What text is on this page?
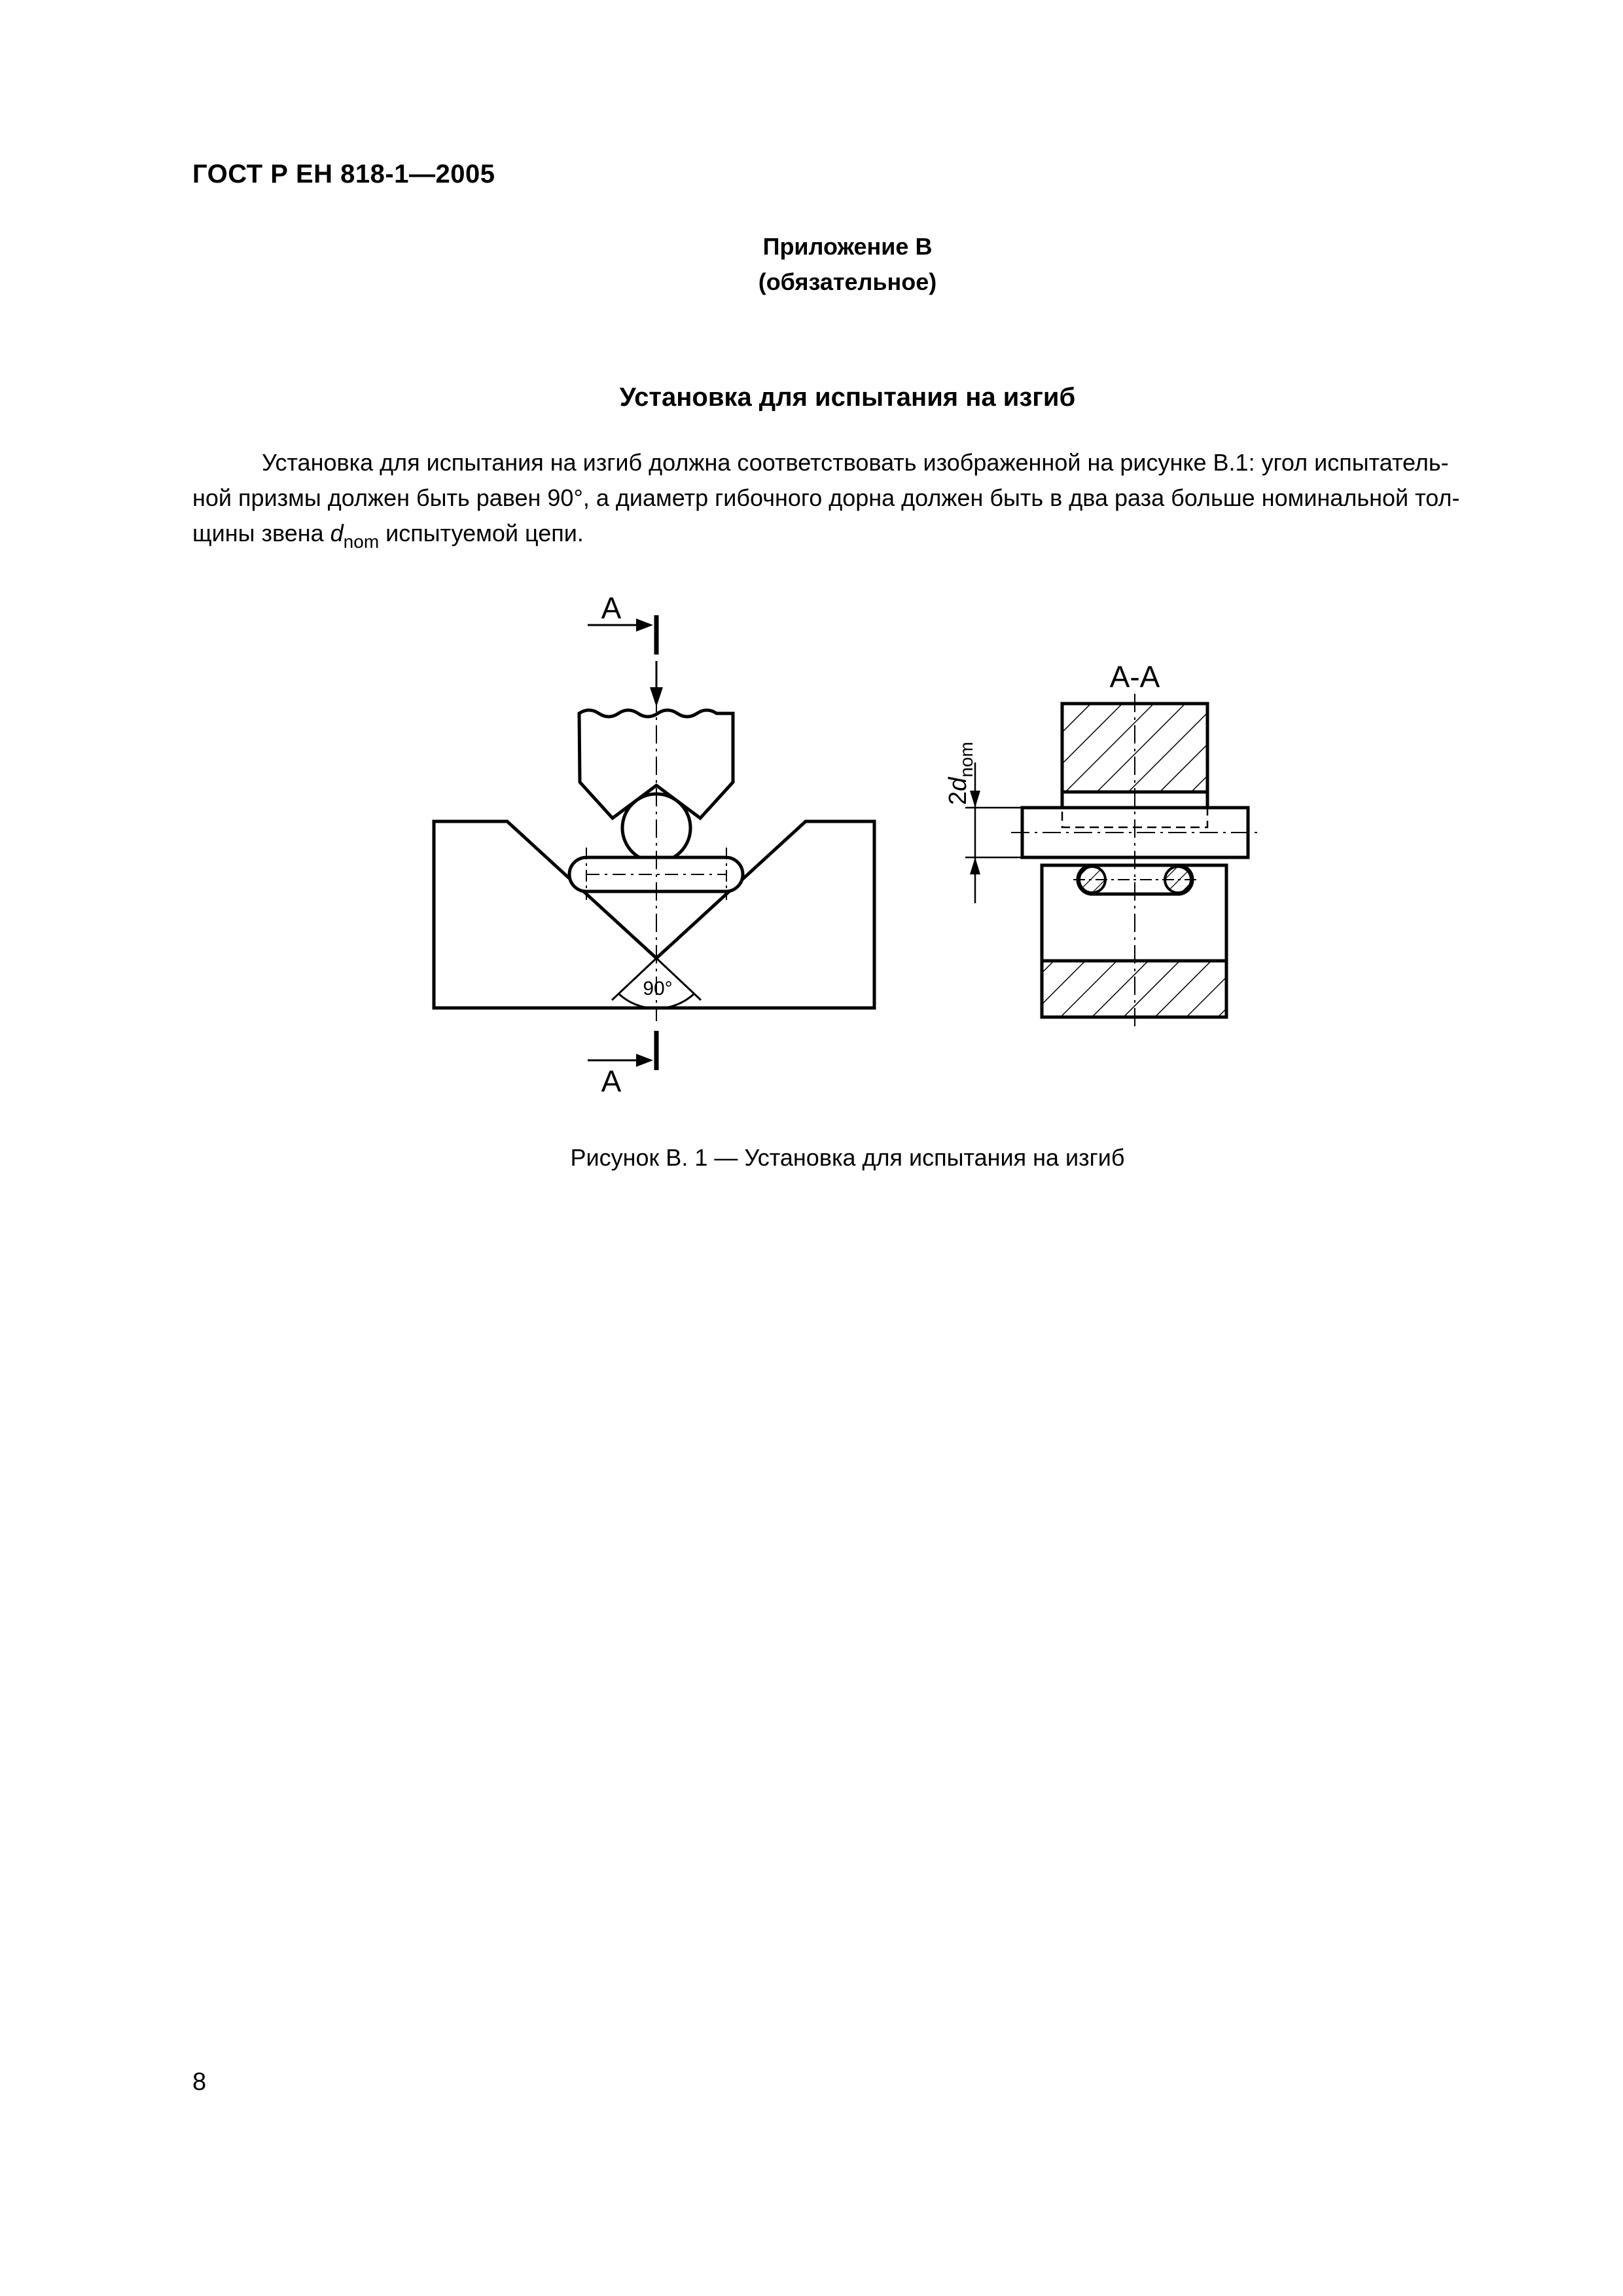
ГОСТ Р ЕН 818-1—2005
Приложение В
(обязательное)
Установка для испытания на изгиб
Установка для испытания на изгиб должна соответствовать изображенной на рисунке В.1: угол испытатель-
ной призмы должен быть равен 90°, а диаметр гибочного дорна должен быть в два раза больше номинальной тол-
щины звена $d_{nom}$ испытуемой цепи.
90°
А
А
А-А
$2d_{nom}$
Рисунок В. 1 — Установка для испытания на изгиб
8
